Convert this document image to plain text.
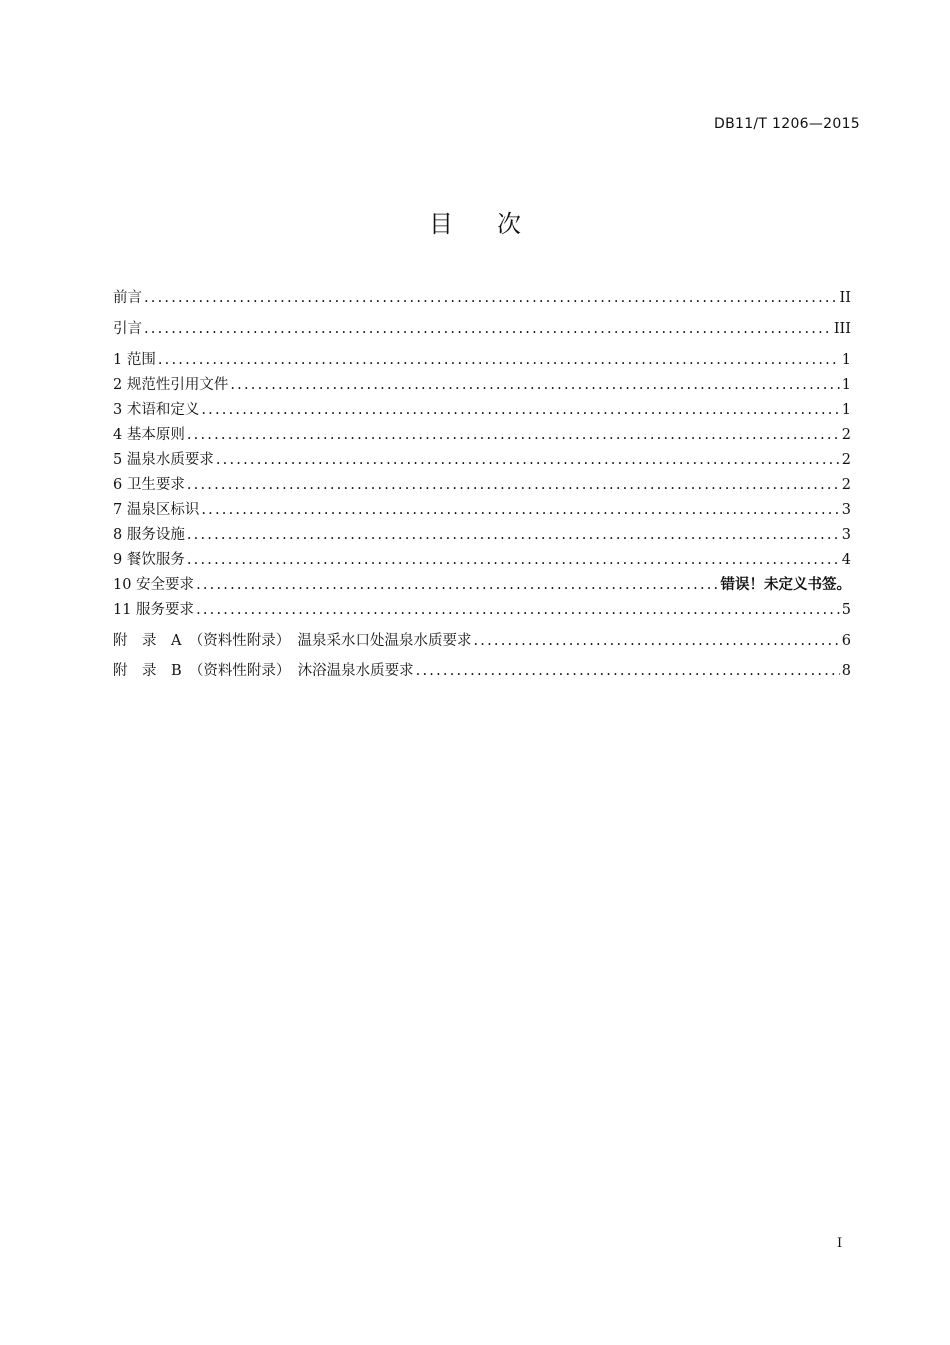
DB11/T 1206—2015
目 次
前言 .....	II
引言 .....	III
1 范围 .....	1
2 规范性引用文件 .....	1
3 术语和定义 .....	1
4 基本原则 .....	2
5 温泉水质要求 .....	2
6 卫生要求 .....	2
7 温泉区标识 .....	3
8 服务设施 .....	3
9 餐饮服务 .....	4
10 安全要求 .....	错误！未定义书签。
11 服务要求 .....	5
附　录　A　（资料性附录）　温泉采水口处温泉水质要求 .....	6
附　录　B　（资料性附录）　沐浴温泉水质要求 .....	8
I
